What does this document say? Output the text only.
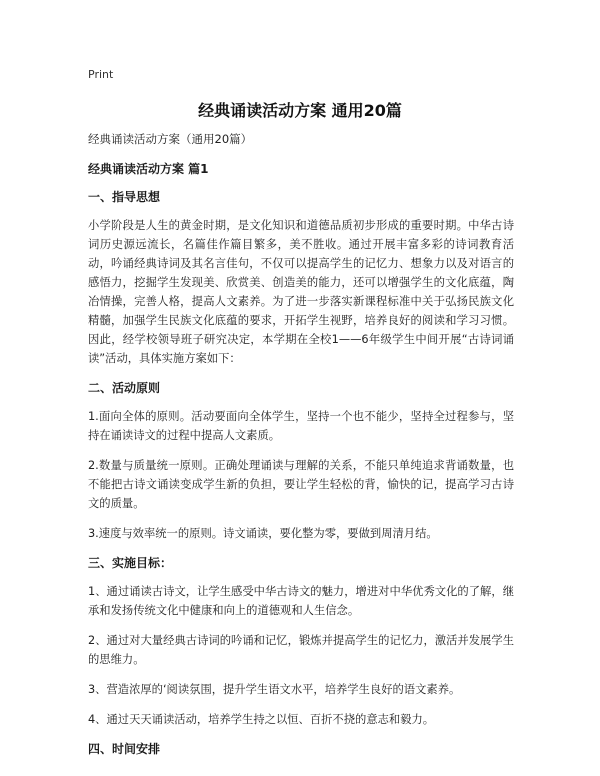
Print
经典诵读活动方案 通用20篇

经典诵读活动方案（通用20篇）

经典诵读活动方案 篇1

一、指导思想

小学阶段是人生的黄金时期，是文化知识和道德品质初步形成的重要时期。中华古诗词历史源远流长，名篇佳作篇目繁多，美不胜收。通过开展丰富多彩的诗词教育活动，吟诵经典诗词及其名言佳句，不仅可以提高学生的记忆力、想象力以及对语言的感悟力，挖掘学生发现美、欣赏美、创造美的能力，还可以增强学生的文化底蕴，陶冶情操，完善人格，提高人文素养。为了进一步落实新课程标准中关于弘扬民族文化精髓，加强学生民族文化底蕴的要求，开拓学生视野，培养良好的阅读和学习习惯。因此，经学校领导班子研究决定，本学期在全校1——6年级学生中间开展“古诗词诵读”活动，具体实施方案如下：

二、活动原则

1.面向全体的原则。活动要面向全体学生，坚持一个也不能少，坚持全过程参与，坚持在诵读诗文的过程中提高人文素质。

2.数量与质量统一原则。正确处理诵读与理解的关系，不能只单纯追求背诵数量，也不能把古诗文诵读变成学生新的负担，要让学生轻松的背，愉快的记，提高学习古诗文的质量。

3.速度与效率统一的原则。诗文诵读，要化整为零，要做到周清月结。

三、实施目标：

1、通过诵读古诗文，让学生感受中华古诗文的魅力，增进对中华优秀文化的了解，继承和发扬传统文化中健康和向上的道德观和人生信念。

2、通过对大量经典古诗词的吟诵和记忆，锻炼并提高学生的记忆力，激活并发展学生的思维力。

3、营造浓厚的‘阅读氛围，提升学生语文水平，培养学生良好的语文素养。

4、通过天天诵读活动，培养学生持之以恒、百折不挠的意志和毅力。

四、时间安排
